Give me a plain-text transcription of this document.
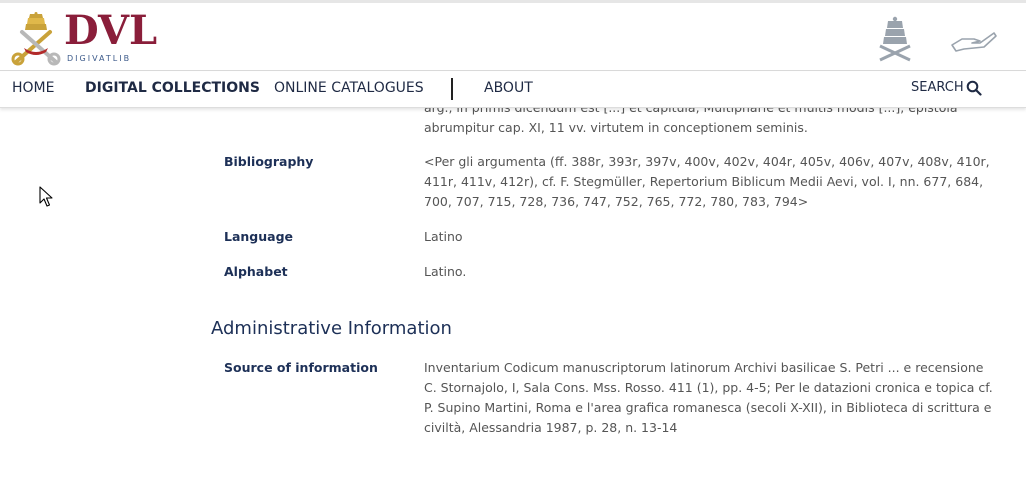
DVL
DIGIVATLIB
HOME DIGITAL COLLECTIONS ONLINE CATALOGUES	ABOUT	SEARCH
abrumpitur cap. XI, 11 vv. virtutem in conceptionem seminis.
Bibliography	<Per gli argumenta (ff. 388r, 393r, 397v, 400v, 402v, 404r, 405v, 406v, 407v, 408v, 410r, 411r, 411v, 412r), cf. F. Stegmüller, Repertorium Biblicum Medii Aevi, vol. I, nn. 677, 684, 700, 707, 715, 728, 736, 747, 752, 765, 772, 780, 783, 794>
Language	Latino
Alphabet	Latino.
Administrative Information
Source of information	Inventarium Codicum manuscriptorum latinorum Archivi basilicae S. Petri ... e recensione C. Stornajolo, I, Sala Cons. Mss. Rosso. 411 (1), pp. 4-5; Per le datazioni cronica e topica cf. P. Supino Martini, Roma e l'area grafica romanesca (secoli X-XII), in Biblioteca di scrittura e civiltà, Alessandria 1987, p. 28, n. 13-14
